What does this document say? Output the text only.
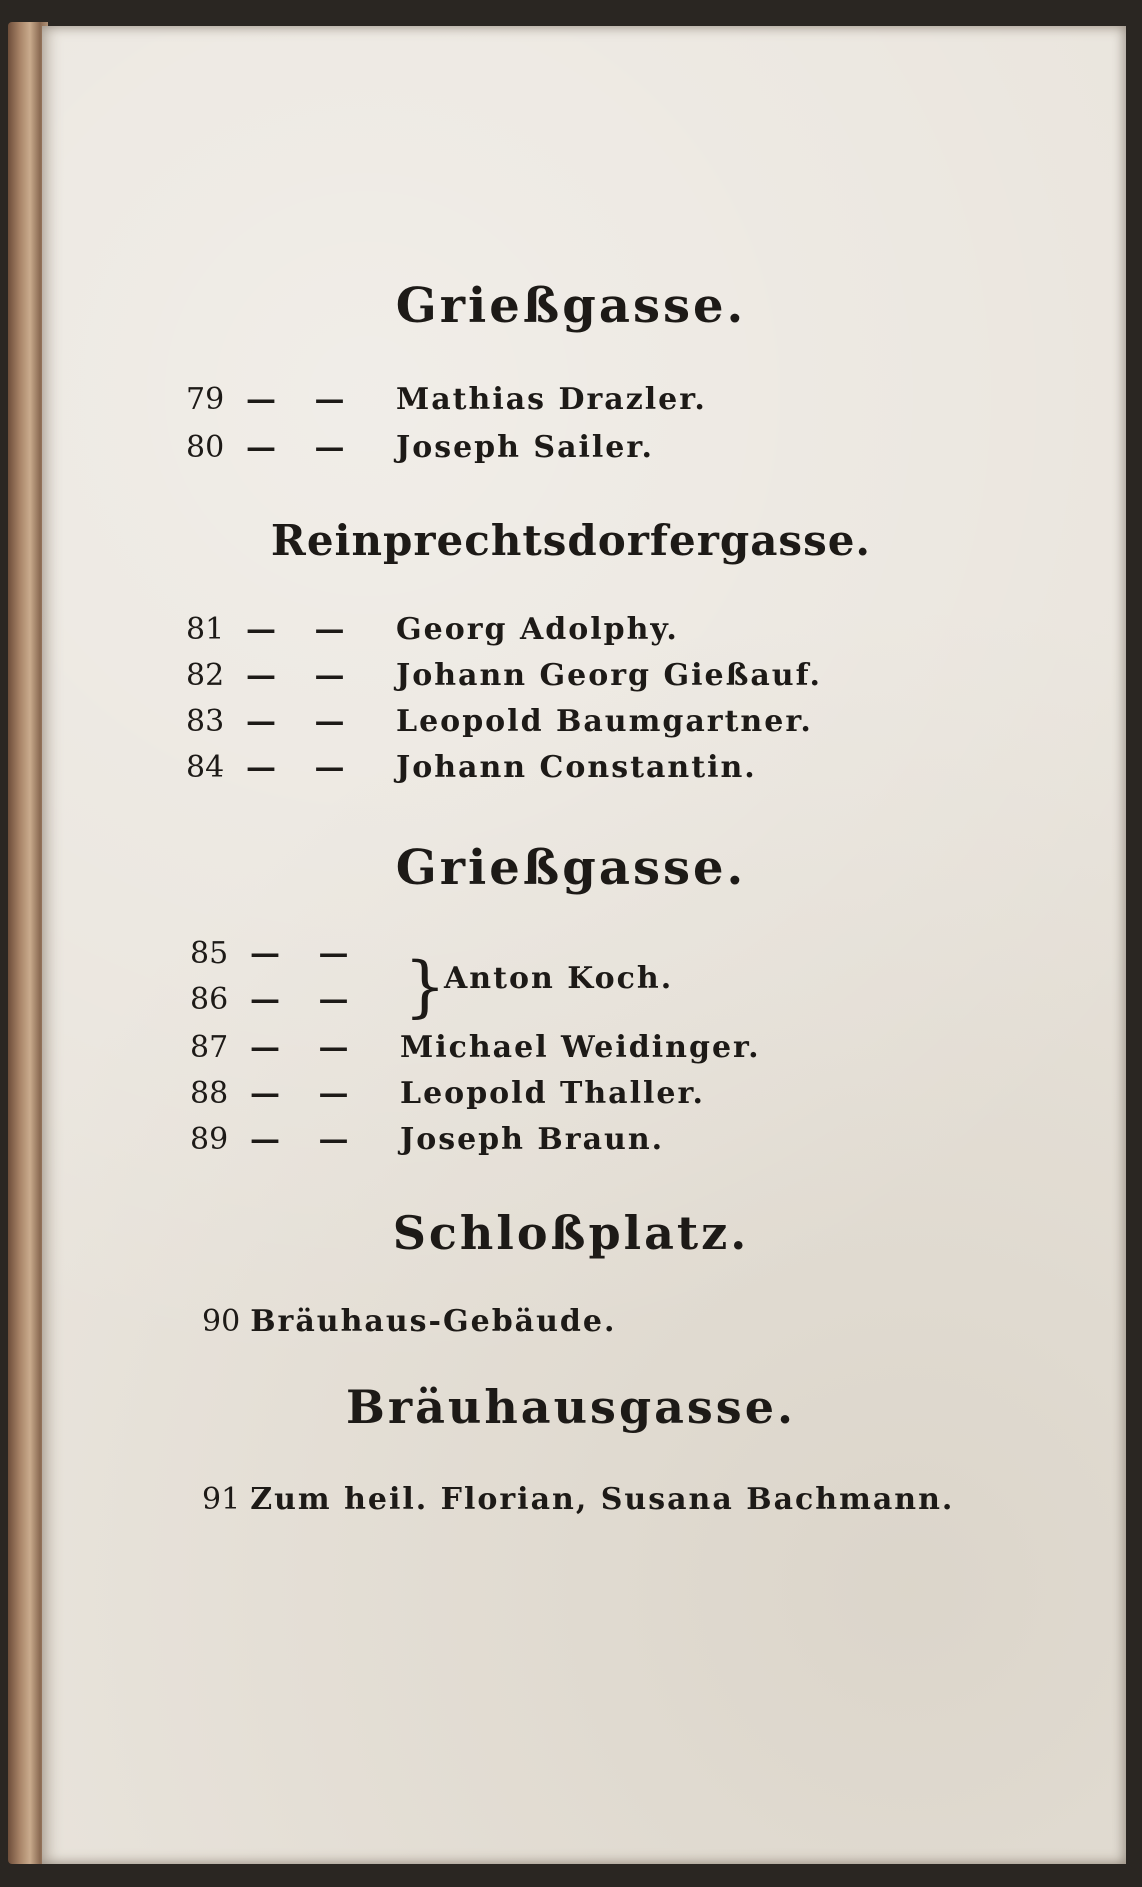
Grießgasse.
79 — — Mathias Drazler.
80 — — Joseph Sailer.
Reinprechtsdorfergasse.
81 — — Georg Adolphy.
82 — — Johann Georg Gießauf.
83 — — Leopold Baumgartner.
84 — — Johann Constantin.
Grießgasse.
85 — —
86 — — }
Anton Koch.
87 — — Michael Weidinger.
88 — — Leopold Thaller.
89 — — Joseph Braun.
Schloßplatz.
90 Bräuhaus-Gebäude.
Bräuhausgasse.
91 Zum heil. Florian, Susana Bachmann.
